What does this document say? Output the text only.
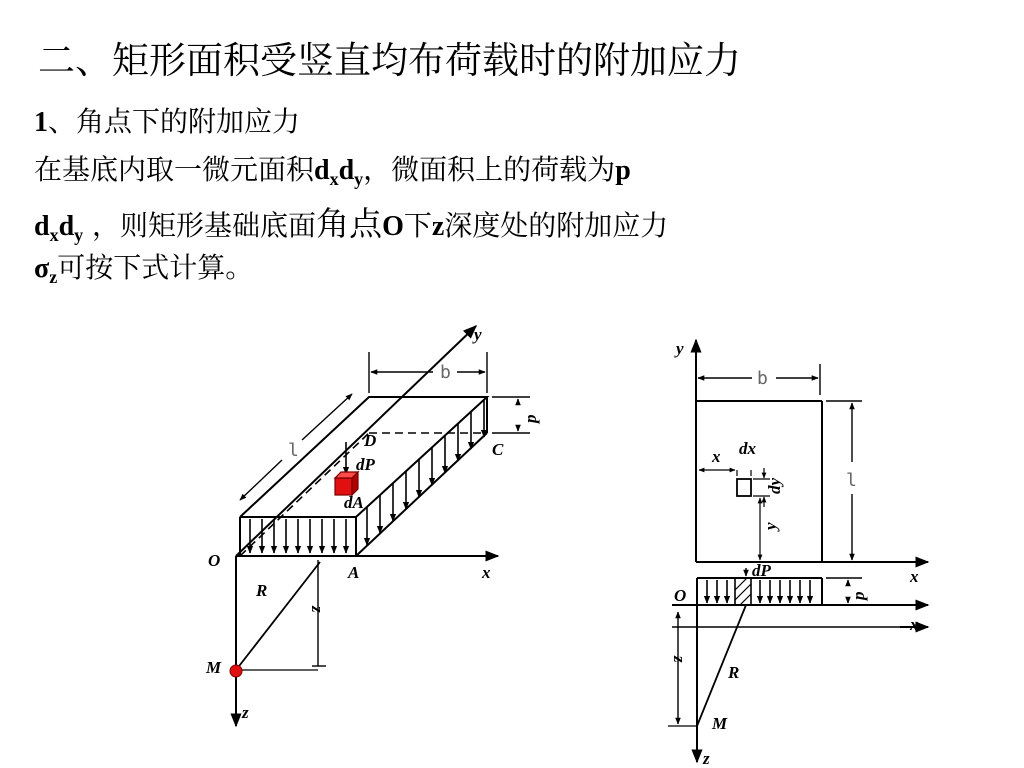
二、矩形面积受竖直均布荷载时的附加应力
1、角点下的附加应力
在基底内取一微元面积$d_xd_y$，微面积上的荷载为p
$d_xd_y$ ，则矩形基础底面角点O下z深度处的附加应力
$\sigma_z$可按下式计算。
y
b
p
l	D	C
dP
dA
O
A	x
R
z
M
z
y
b
l
x dx
dy
y
x
dP
O	p
x
z
R
M
z
